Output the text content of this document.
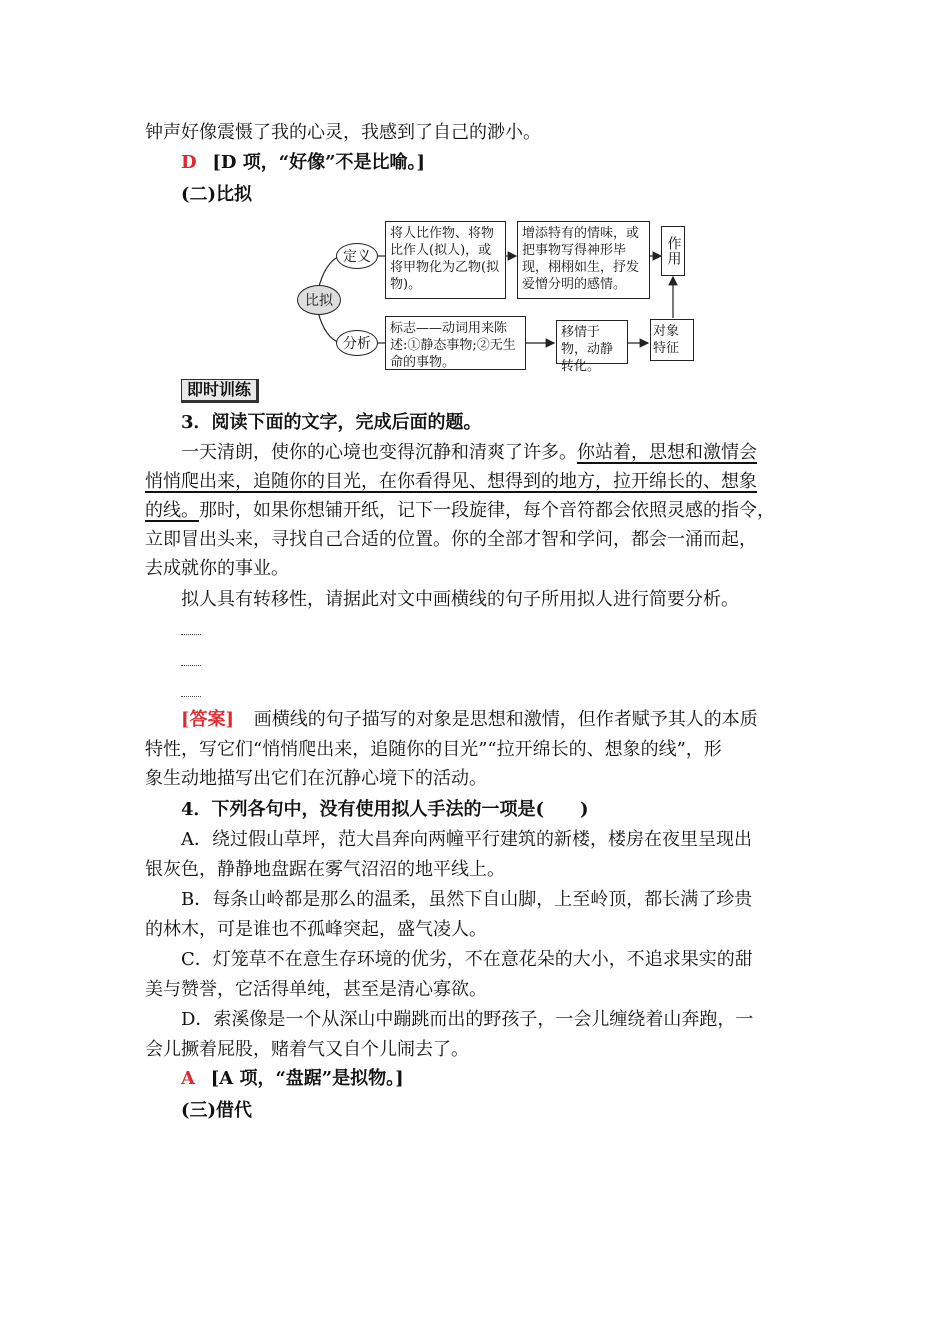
钟声好像震慑了我的心灵，我感到了自己的渺小。
D [D 项，“好像”不是比喻。]
(二)比拟
比拟
定义
分析
将人比作物、将物比作人(拟人)，或将甲物化为乙物(拟物)。
增添特有的情味，或把事物写得神形毕现，栩栩如生，抒发爱憎分明的感情。
作用
标志——动词用来陈述:①静态事物;②无生命的事物。
移情于物，动静转化。
对象特征
即时训练
3．阅读下面的文字，完成后面的题。
一天清朗，使你的心境也变得沉静和清爽了许多。你站着，思想和激情会
悄悄爬出来，追随你的目光，在你看得见、想得到的地方，拉开绵长的、想象
的线。那时，如果你想铺开纸，记下一段旋律，每个音符都会依照灵感的指令，
立即冒出头来，寻找自己合适的位置。你的全部才智和学问，都会一涌而起，
去成就你的事业。
拟人具有转移性，请据此对文中画横线的句子所用拟人进行简要分析。
[答案] 画横线的句子描写的对象是思想和激情，但作者赋予其人的本质
特性，写它们“悄悄爬出来，追随你的目光”“拉开绵长的、想象的线”，形
象生动地描写出它们在沉静心境下的活动。
4．下列各句中，没有使用拟人手法的一项是(　　)
A．绕过假山草坪，范大昌奔向两幢平行建筑的新楼，楼房在夜里呈现出
银灰色，静静地盘踞在雾气沼沼的地平线上。
B．每条山岭都是那么的温柔，虽然下自山脚，上至岭顶，都长满了珍贵
的林木，可是谁也不孤峰突起，盛气凌人。
C．灯笼草不在意生存环境的优劣，不在意花朵的大小，不追求果实的甜
美与赞誉，它活得单纯，甚至是清心寡欲。
D．索溪像是一个从深山中蹦跳而出的野孩子，一会儿缠绕着山奔跑，一
会儿撅着屁股，赌着气又自个儿闹去了。
A [A 项，“盘踞”是拟物。]
(三)借代
